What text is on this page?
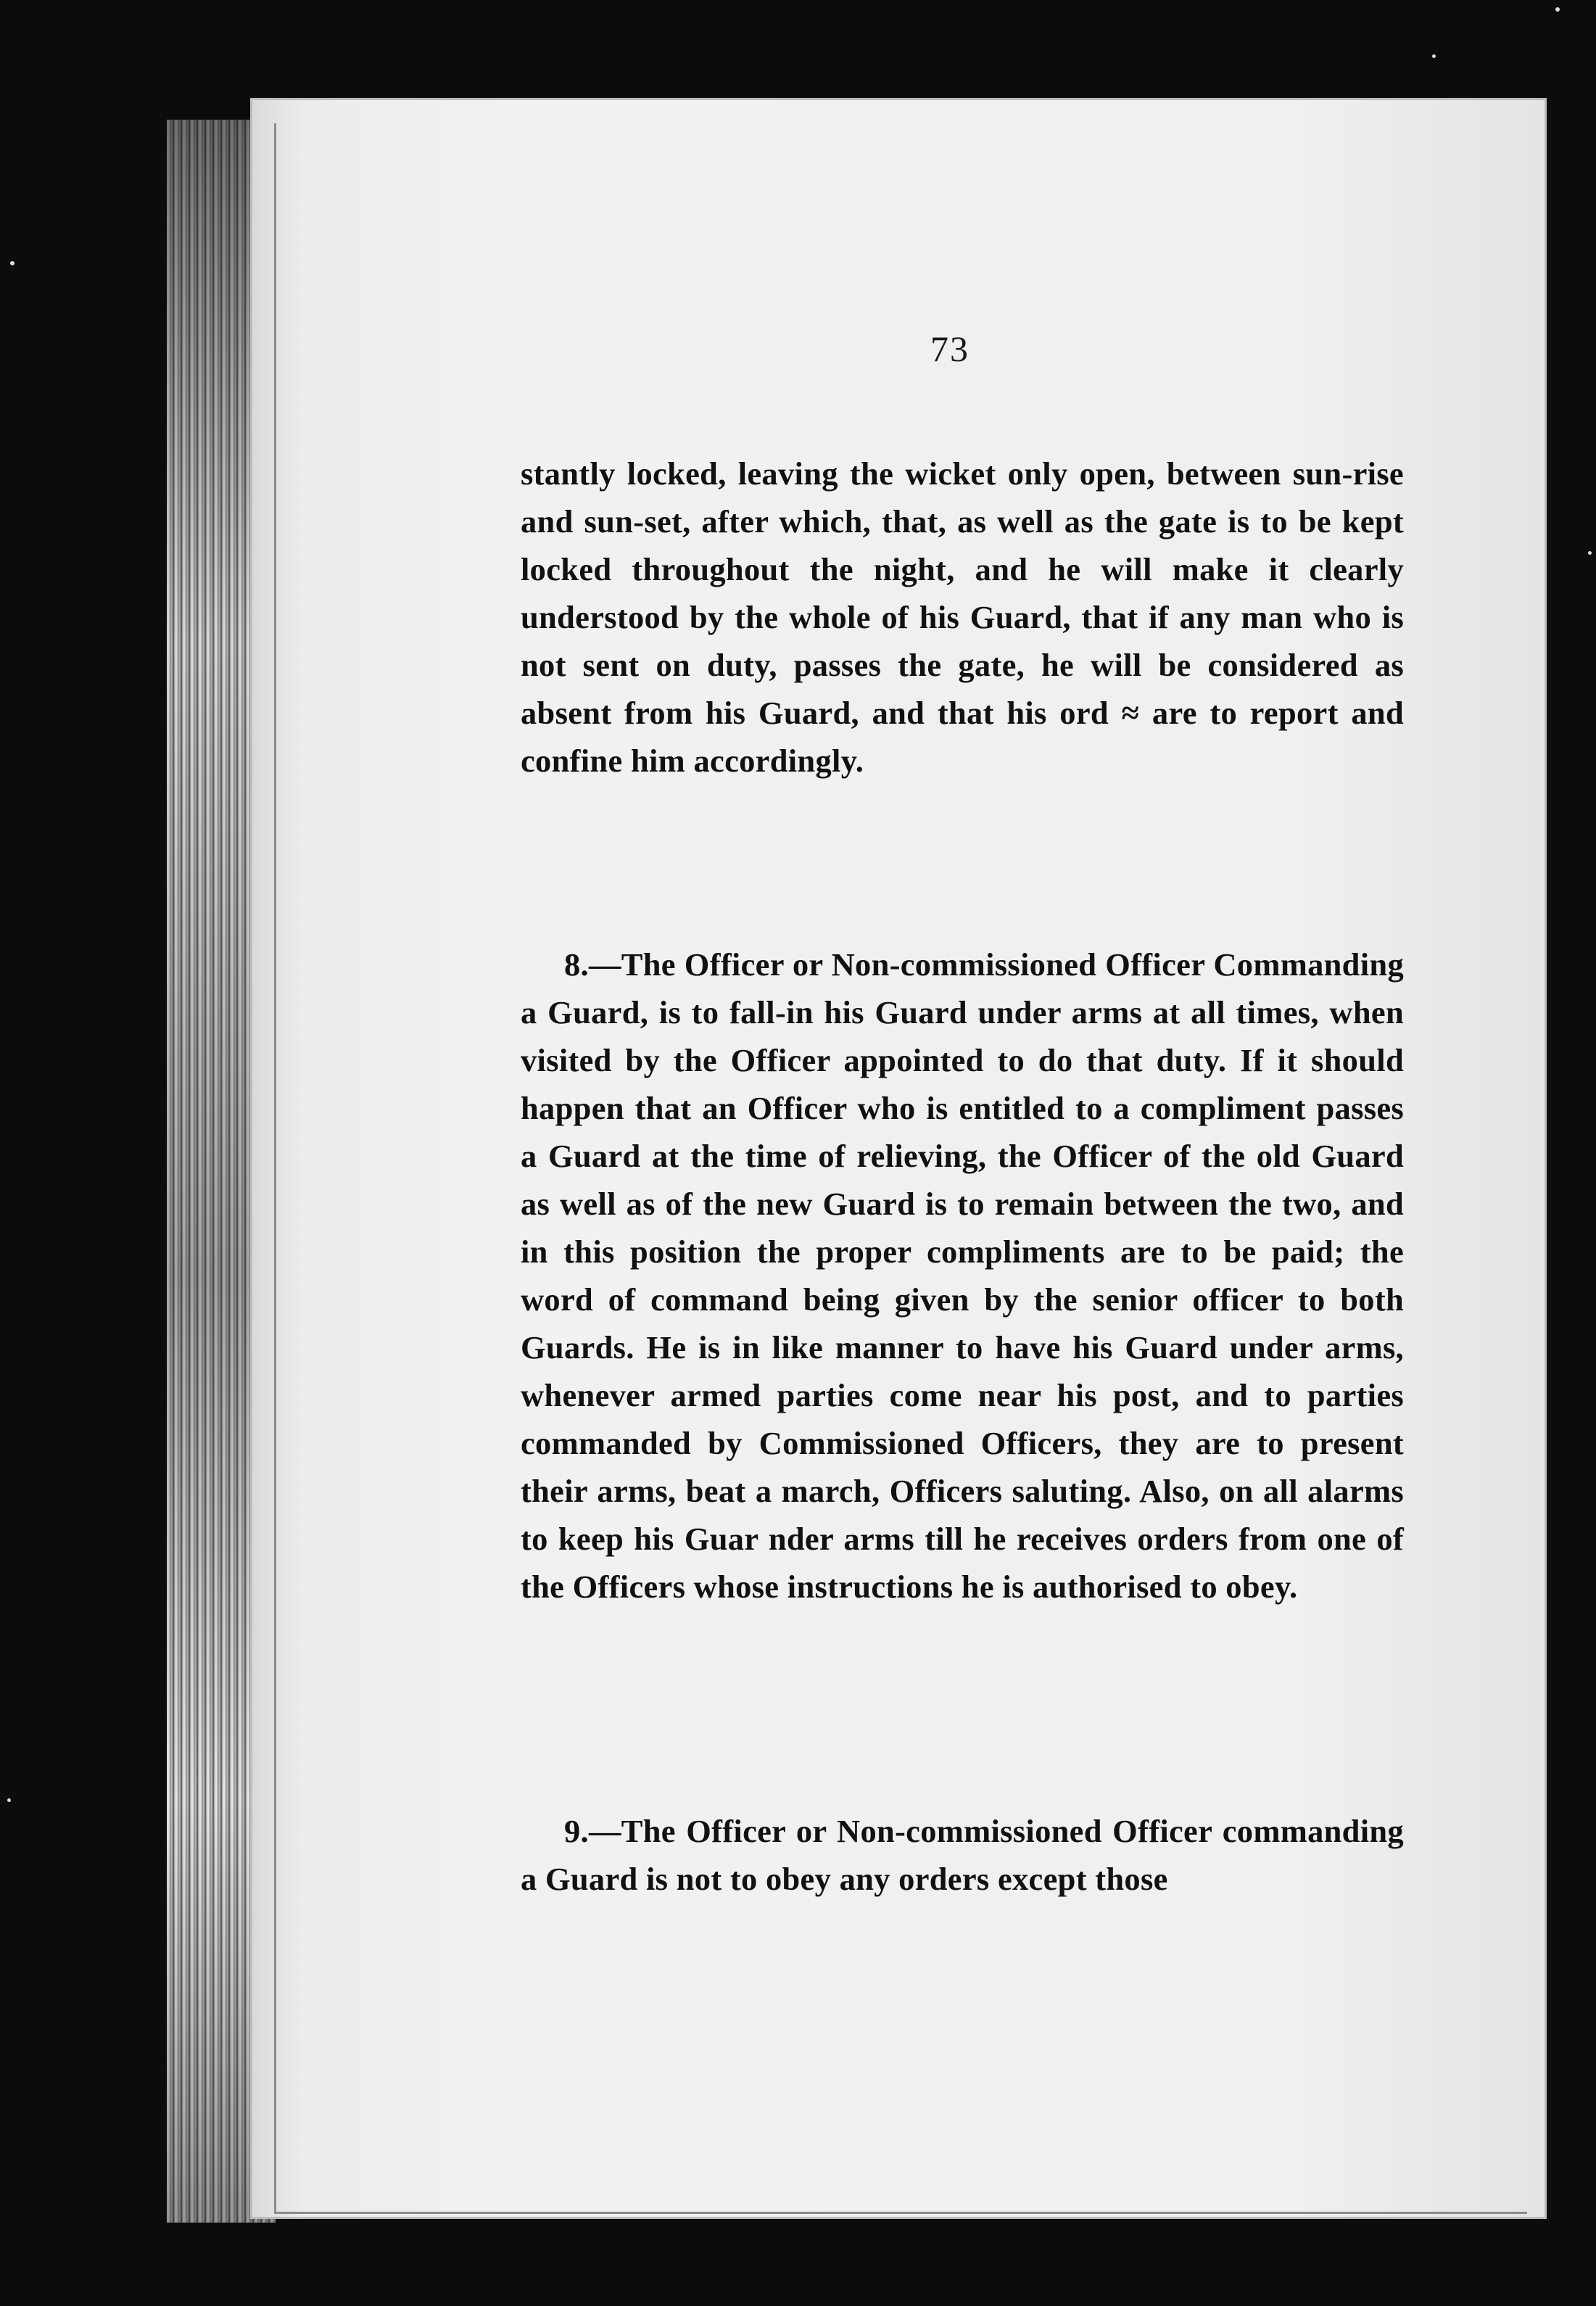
73

stantly locked, leaving the wicket only open, between sun-rise and sun-set, after which, that, as well as the gate is to be kept locked throughout the night, and he will make it clearly understood by the whole of his Guard, that if any man who is not sent on duty, passes the gate, he will be considered as absent from his Guard, and that his ord ≈ are to report and confine him accordingly.

8.—The Officer or Non-commissioned Officer Commanding a Guard, is to fall-in his Guard under arms at all times, when visited by the Officer appointed to do that duty. If it should happen that an Officer who is entitled to a compliment passes a Guard at the time of relieving, the Officer of the old Guard as well as of the new Guard is to remain between the two, and in this position the proper compliments are to be paid; the word of command being given by the senior officer to both Guards. He is in like manner to have his Guard under arms, whenever armed parties come near his post, and to parties commanded by Commissioned Officers, they are to present their arms, beat a march, Officers saluting. Also, on all alarms to keep his Guar nder arms till he receives orders from one of the Officers whose instructions he is authorised to obey.

9.—The Officer or Non-commissioned Officer commanding a Guard is not to obey any orders except those
